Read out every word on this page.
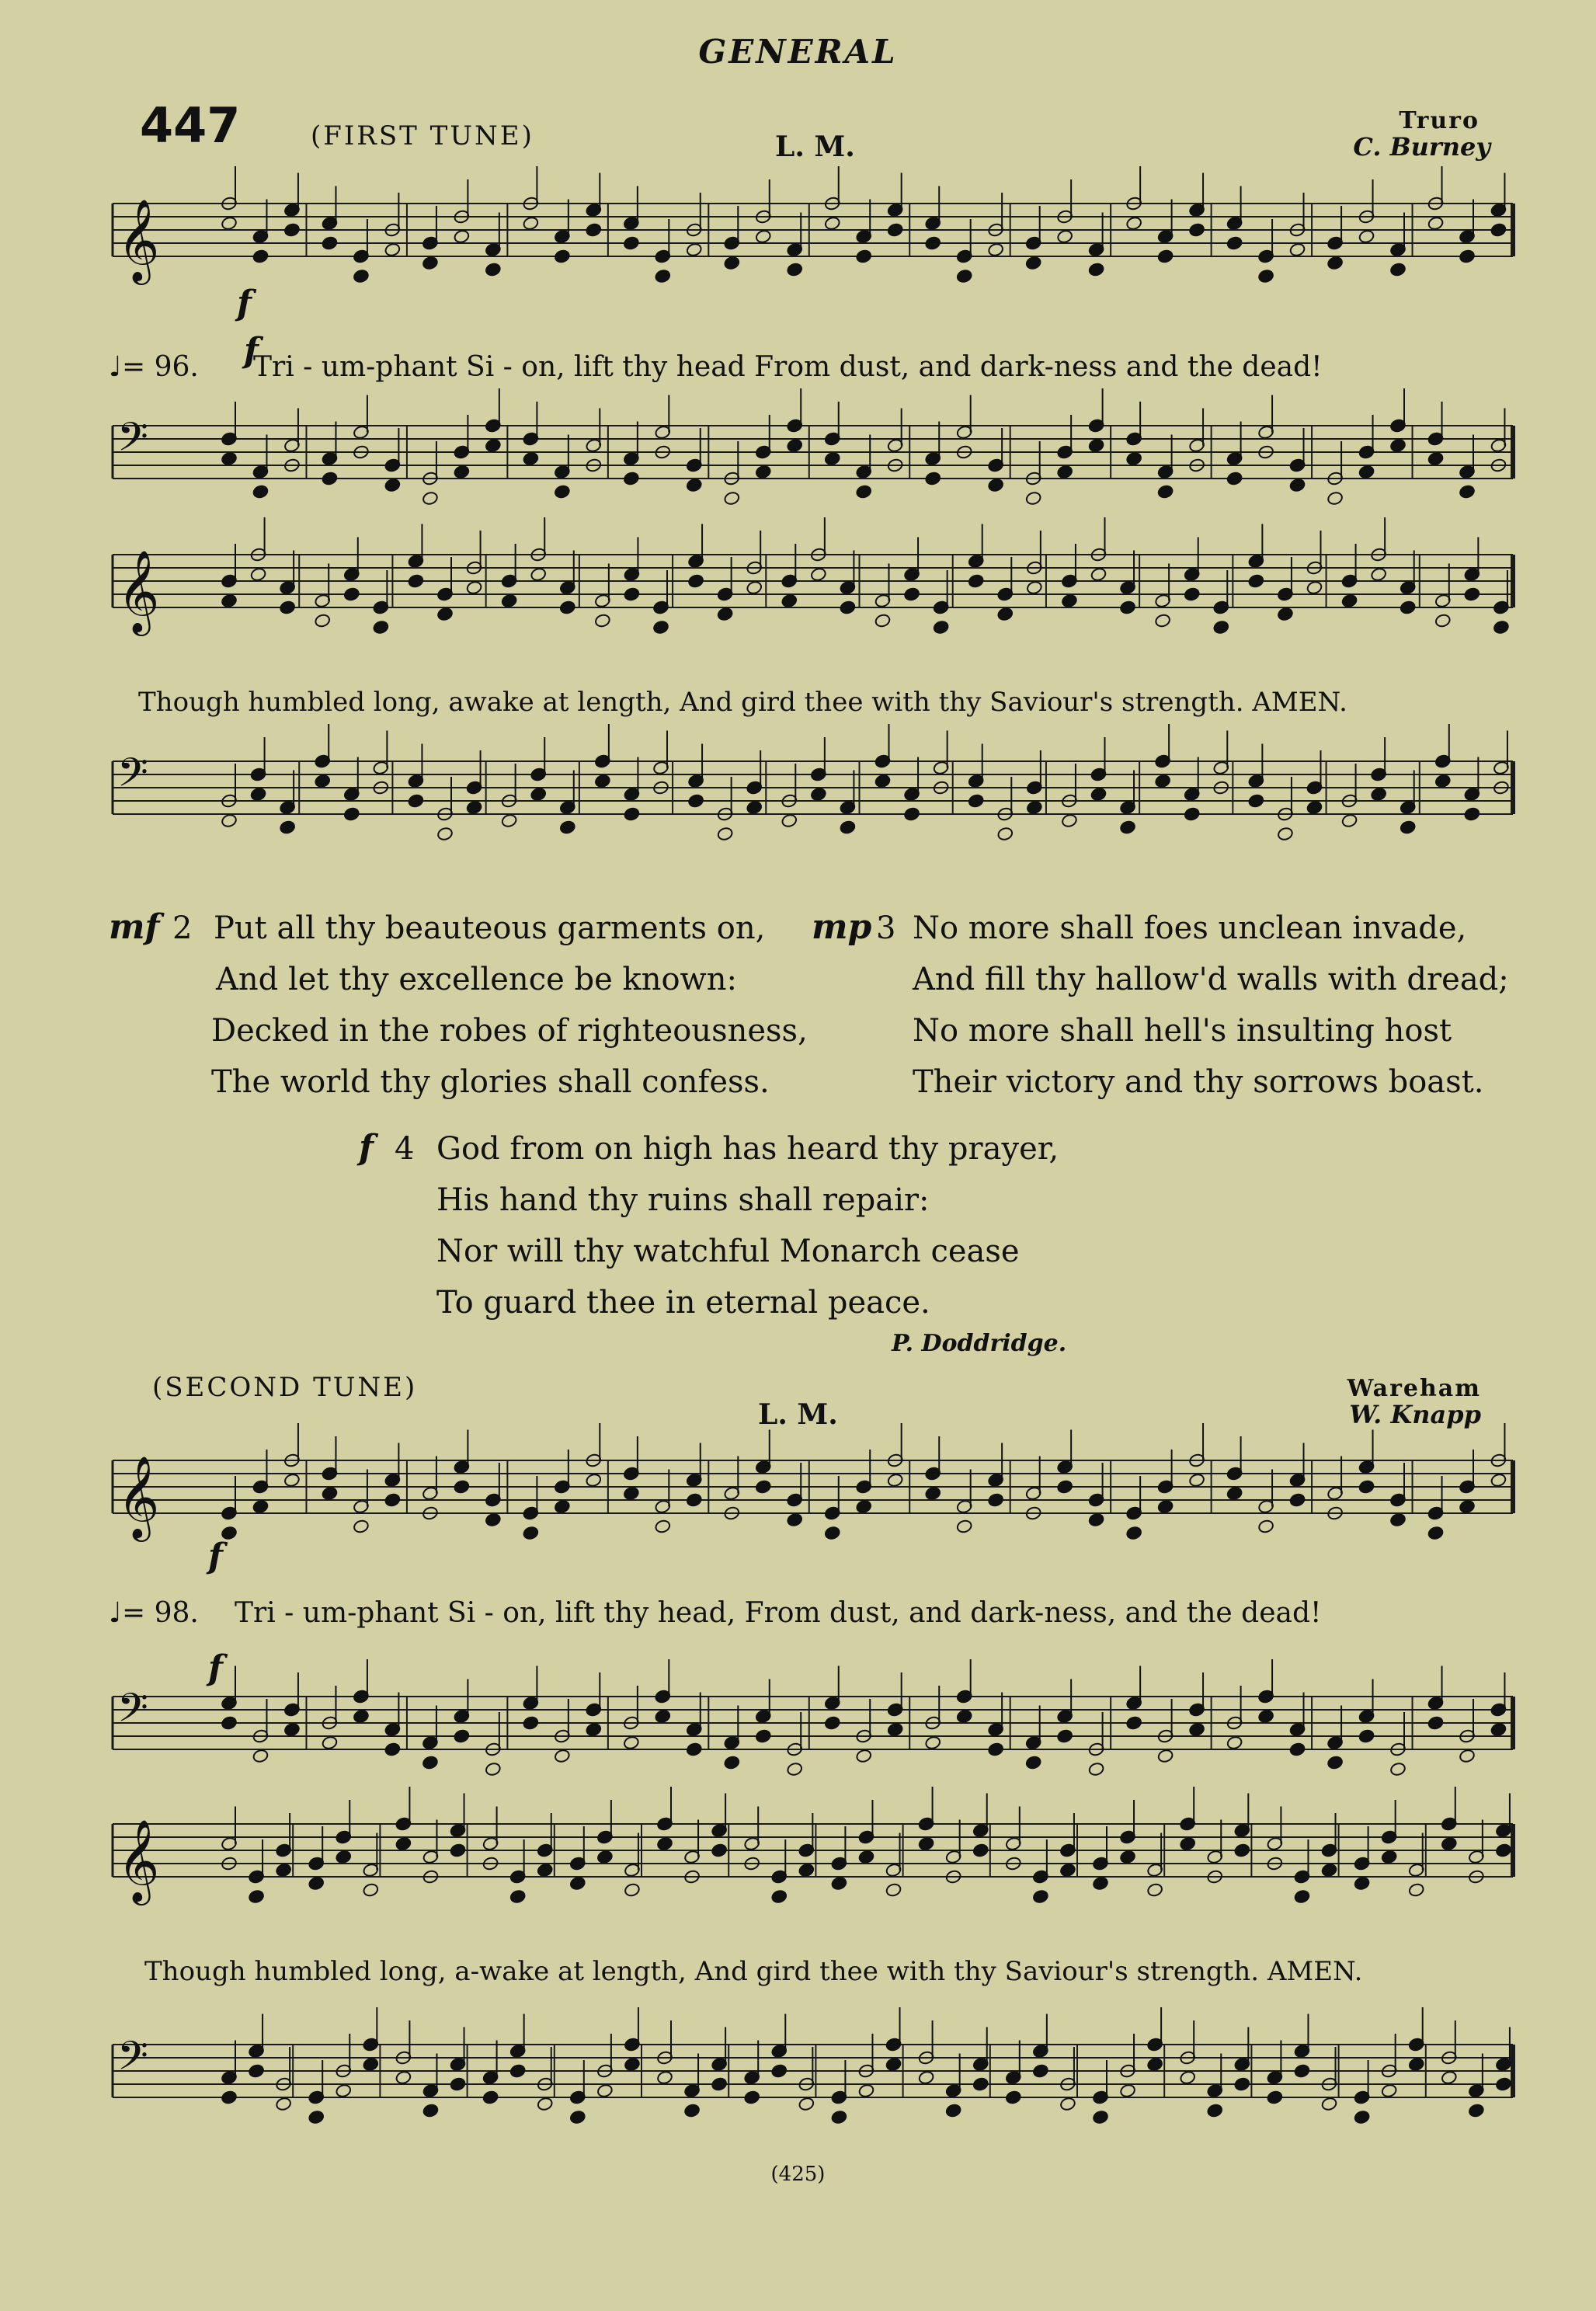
𝄞
𝄢
𝄞
𝄢
𝄞
𝄢
𝄞
𝄢
GENERAL
447	(FIRST TUNE)	L. M.
Truro
C. Burney
f
♩= 96. Tri - um-phant Si - on, lift thy head From dust, and dark-ness and the dead!
Though humbled long, awake at length, And gird thee with thy Saviour's strength. AMEN.
mf 2 Put all thy beauteous garments on,
And let thy excellence be known:
Decked in the robes of righteousness,
The world thy glories shall confess.
mp 3 No more shall foes unclean invade,
And fill thy hallow'd walls with dread;
No more shall hell's insulting host
Their victory and thy sorrows boast.
f 4 God from on high has heard thy prayer,
His hand thy ruins shall repair:
Nor will thy watchful Monarch cease
To guard thee in eternal peace.
P. Doddridge.
(SECOND TUNE)
L. M.
Wareham
W. Knapp
f
♩= 98. Tri - um-phant Si - on, lift thy head, From dust, and dark-ness, and the dead!
f
Though humbled long, a-wake at length, And gird thee with thy Saviour's strength. AMEN.
f
(425)
